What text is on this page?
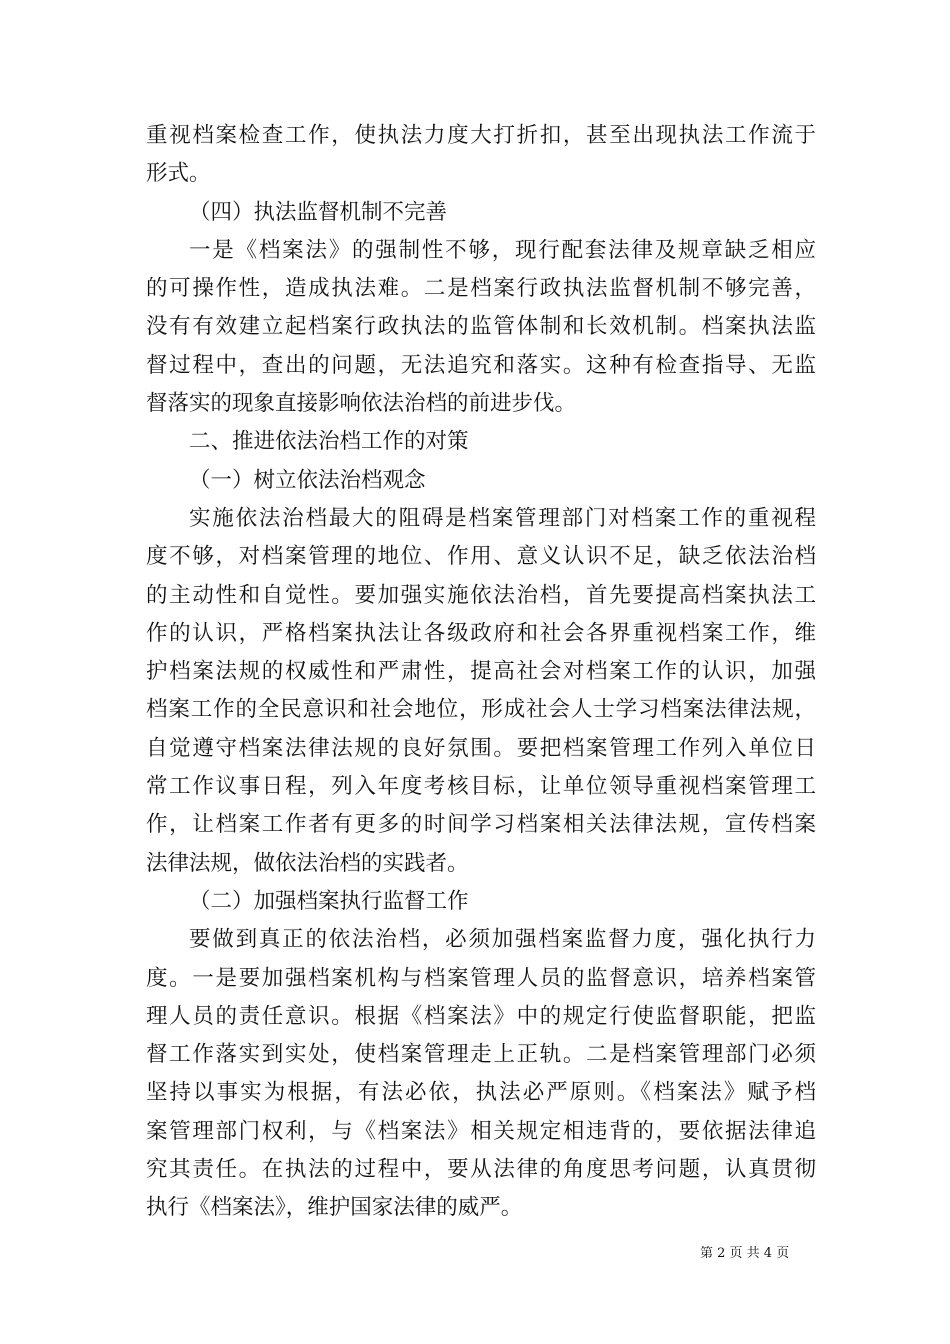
重视档案检查工作，使执法力度大打折扣，甚至出现执法工作流于
形式。
（四）执法监督机制不完善
一是《档案法》的强制性不够，现行配套法律及规章缺乏相应
的可操作性，造成执法难。二是档案行政执法监督机制不够完善，
没有有效建立起档案行政执法的监管体制和长效机制。档案执法监
督过程中，查出的问题，无法追究和落实。这种有检查指导、无监
督落实的现象直接影响依法治档的前进步伐。
二、推进依法治档工作的对策
（一）树立依法治档观念
实施依法治档最大的阻碍是档案管理部门对档案工作的重视程
度不够，对档案管理的地位、作用、意义认识不足，缺乏依法治档
的主动性和自觉性。要加强实施依法治档，首先要提高档案执法工
作的认识，严格档案执法让各级政府和社会各界重视档案工作，维
护档案法规的权威性和严肃性，提高社会对档案工作的认识，加强
档案工作的全民意识和社会地位，形成社会人士学习档案法律法规，
自觉遵守档案法律法规的良好氛围。要把档案管理工作列入单位日
常工作议事日程，列入年度考核目标，让单位领导重视档案管理工
作，让档案工作者有更多的时间学习档案相关法律法规，宣传档案
法律法规，做依法治档的实践者。
（二）加强档案执行监督工作
要做到真正的依法治档，必须加强档案监督力度，强化执行力
度。一是要加强档案机构与档案管理人员的监督意识，培养档案管
理人员的责任意识。根据《档案法》中的规定行使监督职能，把监
督工作落实到实处，使档案管理走上正轨。二是档案管理部门必须
坚持以事实为根据，有法必依，执法必严原则。《档案法》赋予档
案管理部门权利，与《档案法》相关规定相违背的，要依据法律追
究其责任。在执法的过程中，要从法律的角度思考问题，认真贯彻
执行《档案法》，维护国家法律的威严。
第 2 页 共 4 页
